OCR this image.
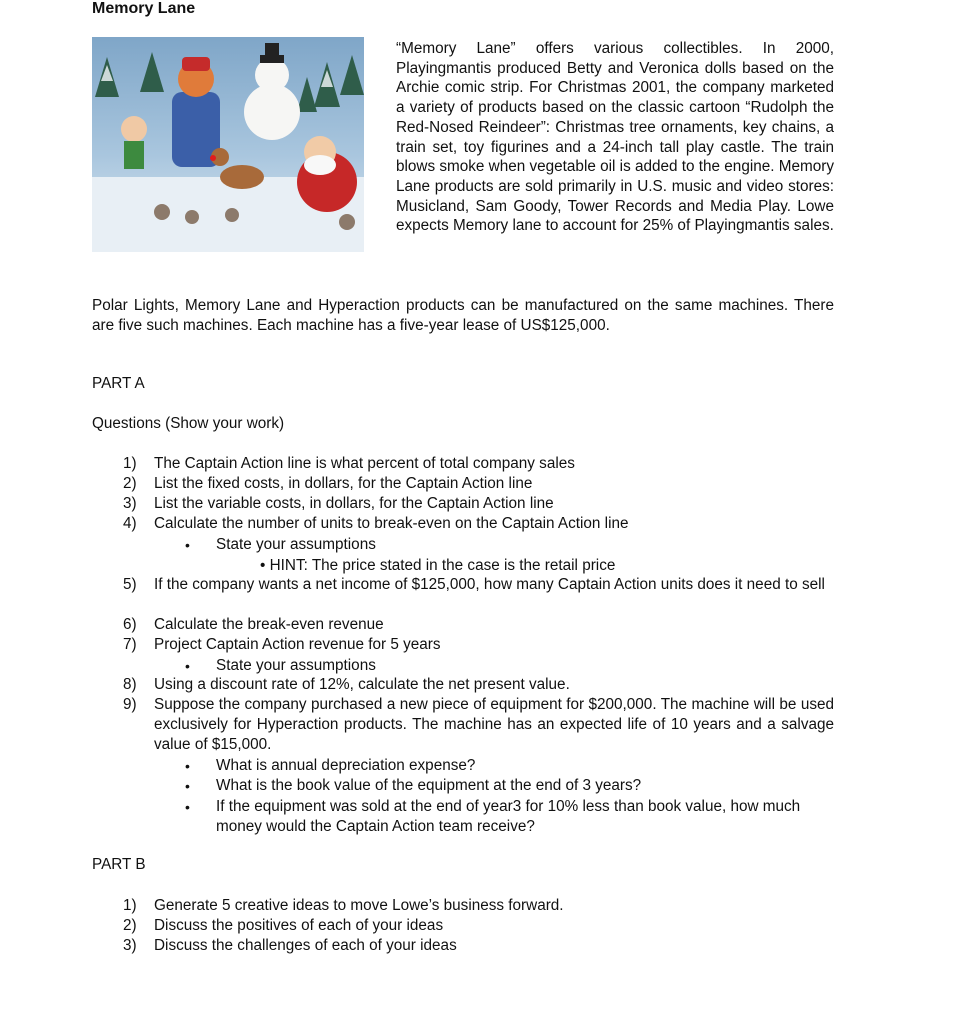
Memory Lane
“Memory Lane” offers various collectibles. In 2000, Playingmantis produced Betty and Veronica dolls based on the Archie comic strip. For Christmas 2001, the company marketed a variety of products based on the classic cartoon “Rudolph the Red-Nosed Reindeer”: Christmas tree ornaments, key chains, a train set, toy figurines and a 24-inch tall play castle. The train blows smoke when vegetable oil is added to the engine. Memory Lane products are sold primarily in U.S. music and video stores: Musicland, Sam Goody, Tower Records and Media Play. Lowe expects Memory lane to account for 25% of Playingmantis sales.
Polar Lights, Memory Lane and Hyperaction products can be manufactured on the same machines. There are five such machines. Each machine has a five-year lease of US$125,000.
PART A
Questions (Show your work)
1) The Captain Action line is what percent of total company sales
2) List the fixed costs, in dollars, for the Captain Action line
3) List the variable costs, in dollars, for the Captain Action line
4) Calculate the number of units to break-even on the Captain Action line
• State your assumptions
• HINT: The price stated in the case is the retail price
5) If the company wants a net income of $125,000, how many Captain Action units does it need to sell
6) Calculate the break-even revenue
7) Project Captain Action revenue for 5 years
• State your assumptions
8) Using a discount rate of 12%, calculate the net present value.
9) Suppose the company purchased a new piece of equipment for $200,000. The machine will be used exclusively for Hyperaction products. The machine has an expected life of 10 years and a salvage value of $15,000.
• What is annual depreciation expense?
• What is the book value of the equipment at the end of 3 years?
• If the equipment was sold at the end of year3 for 10% less than book value, how much money would the Captain Action team receive?
PART B
1) Generate 5 creative ideas to move Lowe’s business forward.
2) Discuss the positives of each of your ideas
3) Discuss the challenges of each of your ideas
